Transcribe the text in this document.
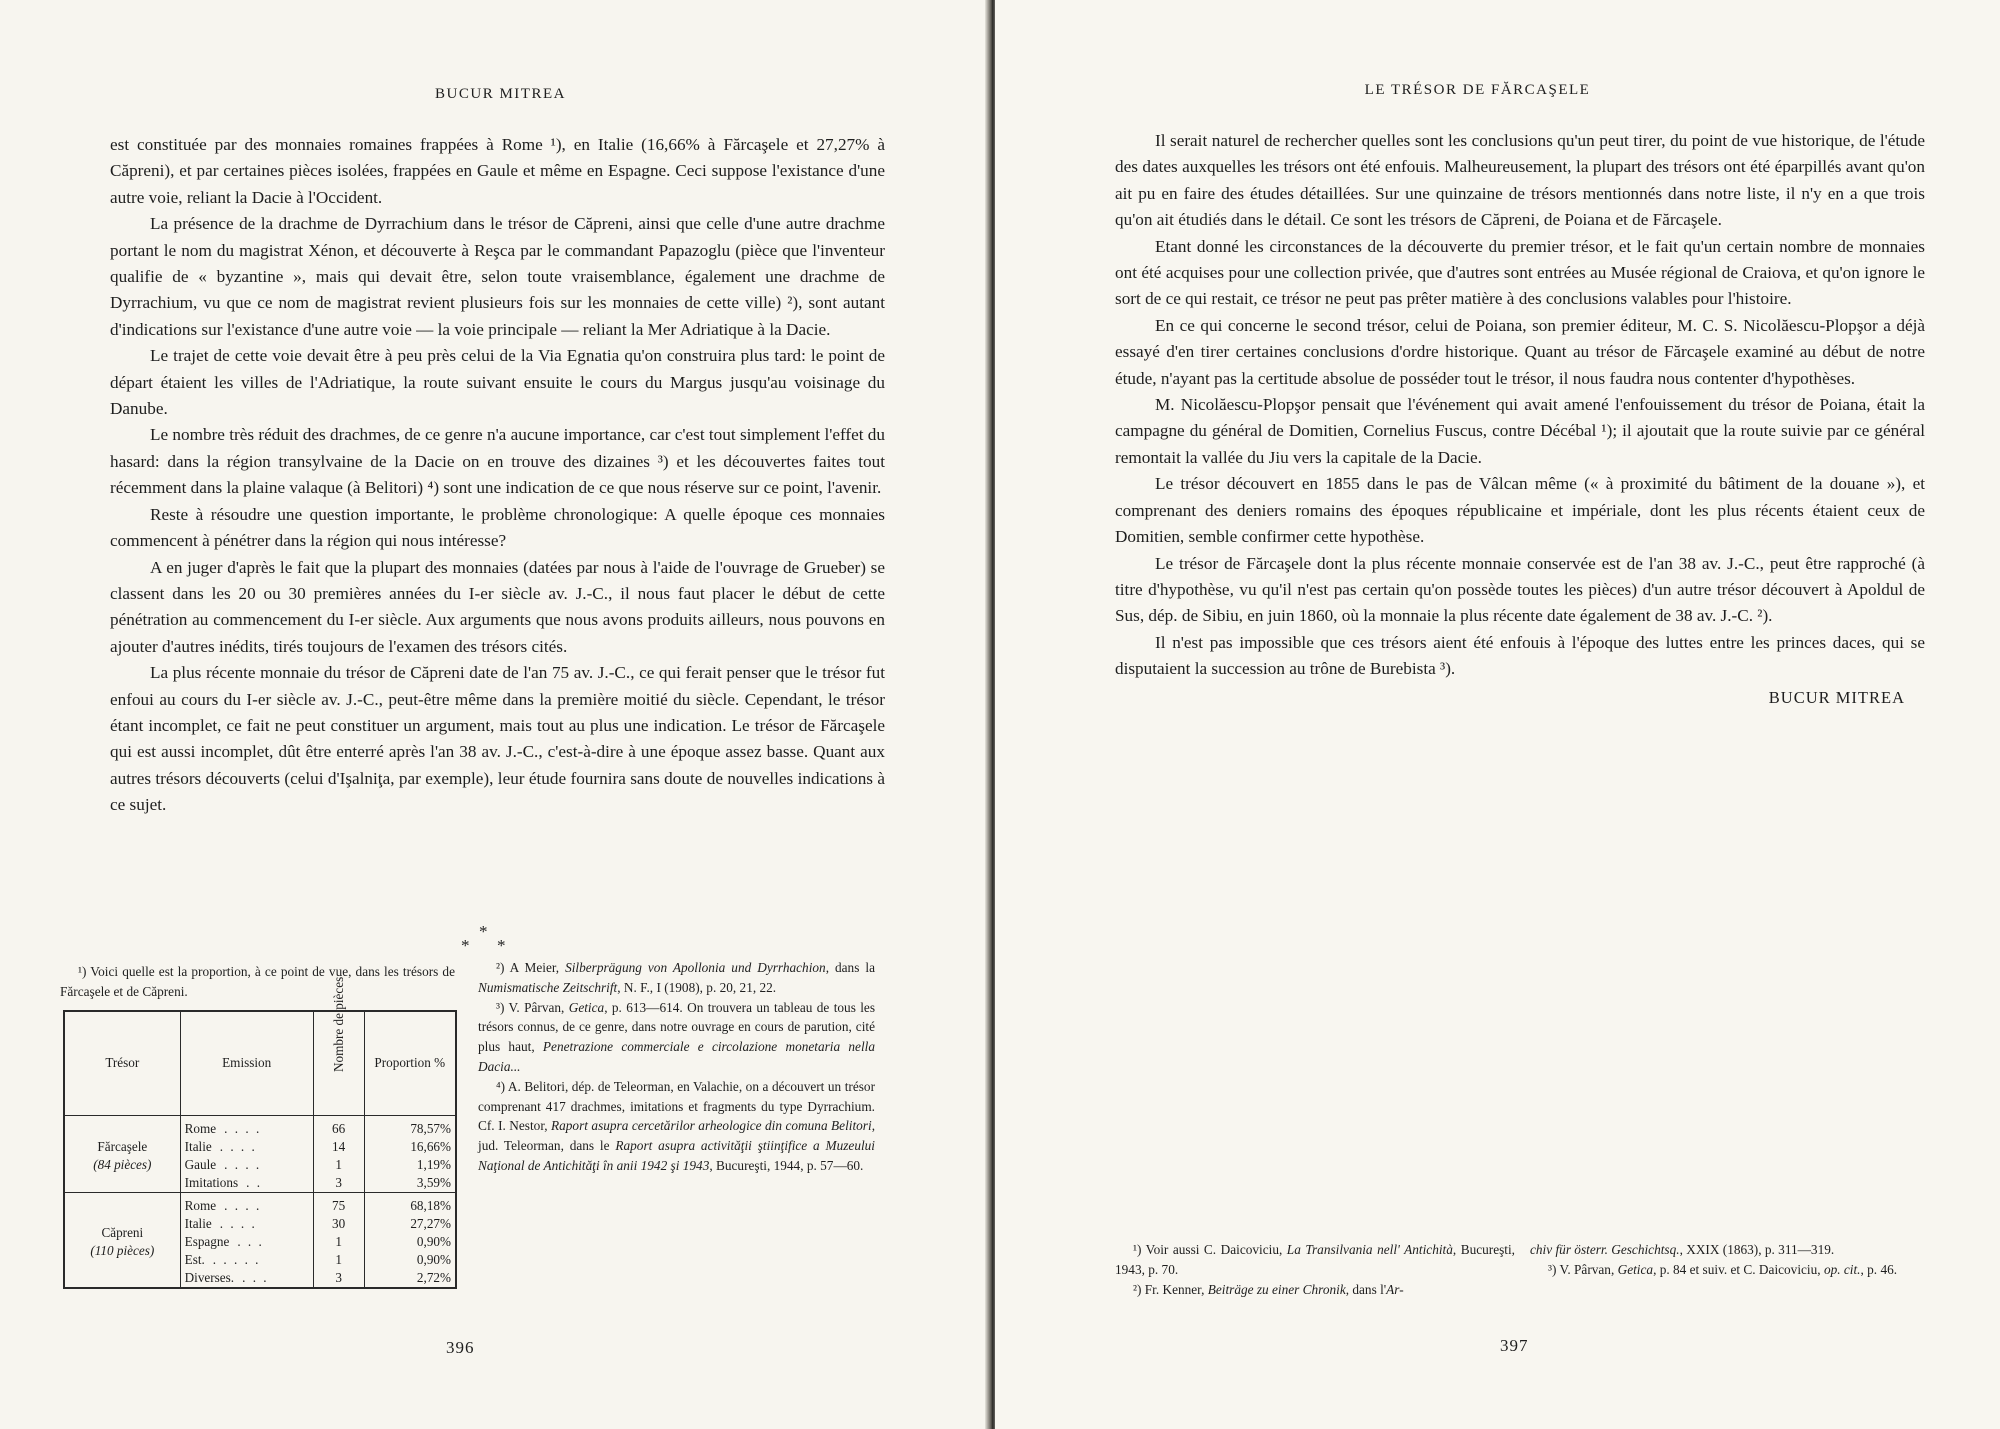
BUCUR MITREA

est constituée par des monnaies romaines frappées à Rome ¹), en Italie (16,66% à Fărcaşele et 27,27% à Căpreni), et par certaines pièces isolées, frappées en Gaule et même en Espagne. Ceci suppose l'existance d'une autre voie, reliant la Dacie à l'Occident.

La présence de la drachme de Dyrrachium dans le trésor de Căpreni, ainsi que celle d'une autre drachme portant le nom du magistrat Xénon, et découverte à Reşca par le commandant Papazoglu (pièce que l'inventeur qualifie de « byzantine », mais qui devait être, selon toute vraisemblance, également une drachme de Dyrrachium, vu que ce nom de magistrat revient plusieurs fois sur les monnaies de cette ville) ²), sont autant d'indications sur l'existance d'une autre voie — la voie principale — reliant la Mer Adriatique à la Dacie.

Le trajet de cette voie devait être à peu près celui de la Via Egnatia qu'on construira plus tard: le point de départ étaient les villes de l'Adriatique, la route suivant ensuite le cours du Margus jusqu'au voisinage du Danube.

Le nombre très réduit des drachmes, de ce genre n'a aucune importance, car c'est tout simplement l'effet du hasard: dans la région transylvaine de la Dacie on en trouve des dizaines ³) et les découvertes faites tout récemment dans la plaine valaque (à Belitori) ⁴) sont une indication de ce que nous réserve sur ce point, l'avenir.

Reste à résoudre une question importante, le problème chronologique: A quelle époque ces monnaies commencent à pénétrer dans la région qui nous intéresse?

A en juger d'après le fait que la plupart des monnaies (datées par nous à l'aide de l'ouvrage de Grueber) se classent dans les 20 ou 30 premières années du I-er siècle av. J.-C., il nous faut placer le début de cette pénétration au commencement du I-er siècle. Aux arguments que nous avons produits ailleurs, nous pouvons en ajouter d'autres inédits, tirés toujours de l'examen des trésors cités.

La plus récente monnaie du trésor de Căpreni date de l'an 75 av. J.-C., ce qui ferait penser que le trésor fut enfoui au cours du I-er siècle av. J.-C., peut-être même dans la première moitié du siècle. Cependant, le trésor étant incomplet, ce fait ne peut constituer un argument, mais tout au plus une indication. Le trésor de Fărcaşele qui est aussi incomplet, dût être enterré après l'an 38 av. J.-C., c'est-à-dire à une époque assez basse. Quant aux autres trésors découverts (celui d'Işalniţa, par exemple), leur étude fournira sans doute de nouvelles indications à ce sujet.

*
* *

¹) Voici quelle est la proportion, à ce point de vue, dans les trésors de Fărcaşele et de Căpreni.

Trésor	Emission	Nombre de pièces	Proportion %

Fărcaşele
(84 pièces)	Rome . . . .	66	78,57%
	Italie . . . .	14	16,66%
	Gaule . . . .	1	1,19%
	Imitations . .	3	3,59%

Căpreni
(110 pièces)	Rome . . . .	75	68,18%
	Italie . . . .	30	27,27%
	Espagne . . .	1	0,90%
	Est. . . . . .	1	0,90%
	Diverses. . . .	3	2,72%

²) A Meier, Silberprägung von Apollonia und Dyrrhachion, dans la Numismatische Zeitschrift, N. F., I (1908), p. 20, 21, 22.

³) V. Pârvan, Getica, p. 613—614. On trouvera un tableau de tous les trésors connus, de ce genre, dans notre ouvrage en cours de parution, cité plus haut, Penetrazione commerciale e circolazione monetaria nella Dacia...

⁴) A. Belitori, dép. de Teleorman, en Valachie, on a découvert un trésor comprenant 417 drachmes, imitations et fragments du type Dyrrachium. Cf. I. Nestor, Raport asupra cercetărilor arheologice din comuna Belitori, jud. Teleorman, dans le Raport asupra activităţii ştiinţifice a Muzeului Naţional de Antichităţi în anii 1942 şi 1943, Bucureşti, 1944, p. 57—60.

396
LE TRÉSOR DE FĂRCAŞELE

Il serait naturel de rechercher quelles sont les conclusions qu'un peut tirer, du point de vue historique, de l'étude des dates auxquelles les trésors ont été enfouis. Malheureusement, la plupart des trésors ont été éparpillés avant qu'on ait pu en faire des études détaillées. Sur une quinzaine de trésors mentionnés dans notre liste, il n'y en a que trois qu'on ait étudiés dans le détail. Ce sont les trésors de Căpreni, de Poiana et de Fărcaşele.

Etant donné les circonstances de la découverte du premier trésor, et le fait qu'un certain nombre de monnaies ont été acquises pour une collection privée, que d'autres sont entrées au Musée régional de Craiova, et qu'on ignore le sort de ce qui restait, ce trésor ne peut pas prêter matière à des conclusions valables pour l'histoire.

En ce qui concerne le second trésor, celui de Poiana, son premier éditeur, M. C. S. Nicolăescu-Plopşor a déjà essayé d'en tirer certaines conclusions d'ordre historique. Quant au trésor de Fărcaşele examiné au début de notre étude, n'ayant pas la certitude absolue de posséder tout le trésor, il nous faudra nous contenter d'hypothèses.

M. Nicolăescu-Plopşor pensait que l'événement qui avait amené l'enfouissement du trésor de Poiana, était la campagne du général de Domitien, Cornelius Fuscus, contre Décébal ¹); il ajoutait que la route suivie par ce général remontait la vallée du Jiu vers la capitale de la Dacie.

Le trésor découvert en 1855 dans le pas de Vâlcan même (« à proximité du bâtiment de la douane »), et comprenant des deniers romains des époques républicaine et impériale, dont les plus récents étaient ceux de Domitien, semble confirmer cette hypothèse.

Le trésor de Fărcaşele dont la plus récente monnaie conservée est de l'an 38 av. J.-C., peut être rapproché (à titre d'hypothèse, vu qu'il n'est pas certain qu'on possède toutes les pièces) d'un autre trésor découvert à Apoldul de Sus, dép. de Sibiu, en juin 1860, où la monnaie la plus récente date également de 38 av. J.-C. ²).

Il n'est pas impossible que ces trésors aient été enfouis à l'époque des luttes entre les princes daces, qui se disputaient la succession au trône de Burebista ³).

BUCUR MITREA

¹) Voir aussi C. Daicoviciu, La Transilvania nell' Antichità, Bucureşti, 1943, p. 70.

²) Fr. Kenner, Beiträge zu einer Chronik, dans l'Ar-

chiv für österr. Geschichtsq., XXIX (1863), p. 311—319.

³) V. Pârvan, Getica, p. 84 et suiv. et C. Daicoviciu, op. cit., p. 46.

397
